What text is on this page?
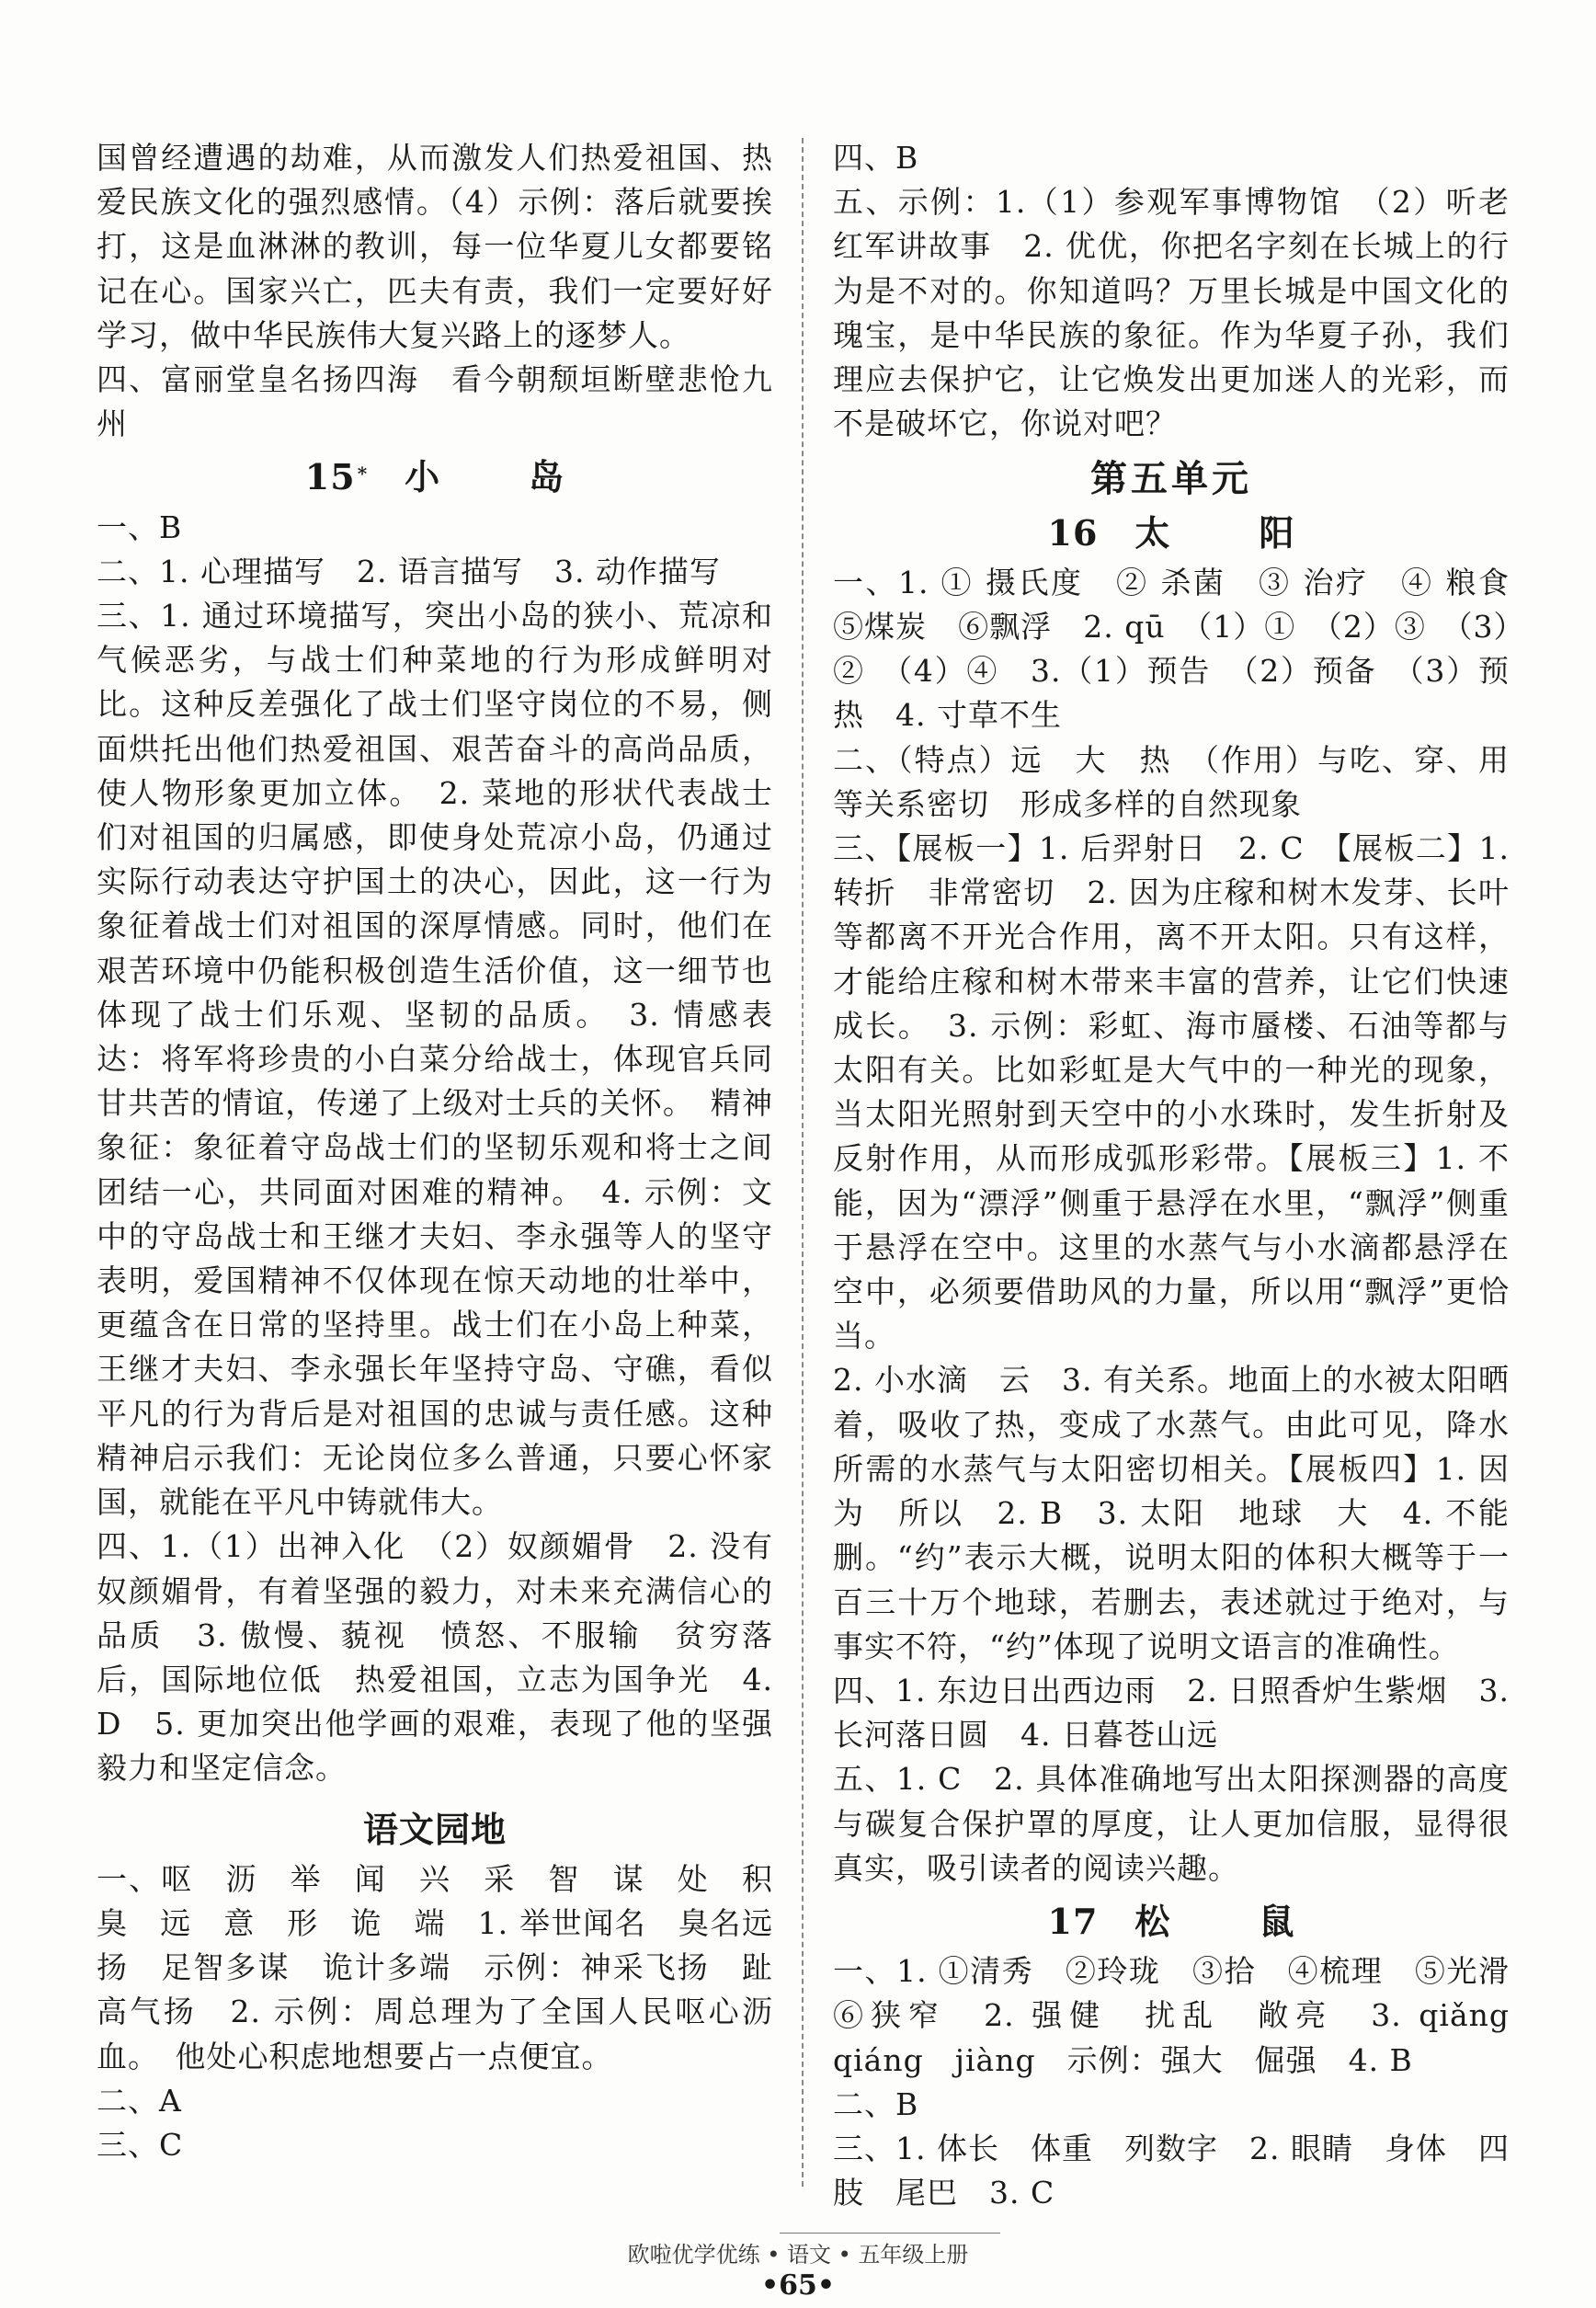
国曾经遭遇的劫难，从而激发人们热爱祖国、热爱民族文化的强烈感情。（4）示例：落后就要挨打，这是血淋淋的教训，每一位华夏儿女都要铭记在心。国家兴亡，匹夫有责，我们一定要好好学习，做中华民族伟大复兴路上的逐梦人。

四、富丽堂皇名扬四海　看今朝颓垣断壁悲怆九州

15 * 小	岛

一、B

二、1. 心理描写　2. 语言描写　3. 动作描写

三、1. 通过环境描写，突出小岛的狭小、荒凉和气候恶劣，与战士们种菜地的行为形成鲜明对比。这种反差强化了战士们坚守岗位的不易，侧面烘托出他们热爱祖国、艰苦奋斗的高尚品质，使人物形象更加立体。　2. 菜地的形状代表战士们对祖国的归属感，即使身处荒凉小岛，仍通过实际行动表达守护国土的决心，因此，这一行为象征着战士们对祖国的深厚情感。同时，他们在艰苦环境中仍能积极创造生活价值，这一细节也体现了战士们乐观、坚韧的品质。　3. 情感表达：将军将珍贵的小白菜分给战士，体现官兵同甘共苦的情谊，传递了上级对士兵的关怀。　精神象征：象征着守岛战士们的坚韧乐观和将士之间团结一心，共同面对困难的精神。　4. 示例：文中的守岛战士和王继才夫妇、李永强等人的坚守表明，爱国精神不仅体现在惊天动地的壮举中，更蕴含在日常的坚持里。战士们在小岛上种菜，王继才夫妇、李永强长年坚持守岛、守礁，看似平凡的行为背后是对祖国的忠诚与责任感。这种精神启示我们：无论岗位多么普通，只要心怀家国，就能在平凡中铸就伟大。

四、1.（1）出神入化　（2）奴颜媚骨　2. 没有奴颜媚骨，有着坚强的毅力，对未来充满信心的品质　3. 傲慢、藐视　愤怒、不服输　贫穷落后，国际地位低　热爱祖国，立志为国争光　4. D　5. 更加突出他学画的艰难，表现了他的坚强毅力和坚定信念。

语文园地

一、呕　沥　举　闻　兴　采　智　谋　处　积　臭　远　意　形　诡　端　1. 举世闻名　臭名远扬　足智多谋　诡计多端　示例：神采飞扬　趾高气扬　2. 示例：周总理为了全国人民呕心沥血。　他处心积虑地想要占一点便宜。

二、A

三、C

四、B

五、示例：1.（1）参观军事博物馆　（2）听老红军讲故事　2. 优优，你把名字刻在长城上的行为是不对的。你知道吗？万里长城是中国文化的瑰宝，是中华民族的象征。作为华夏子孙，我们理应去保护它，让它焕发出更加迷人的光彩，而不是破坏它，你说对吧？

第五单元
16 太	阳

一、1. ① 摄氏度　② 杀菌　③ 治疗　④ 粮食　⑤煤炭　⑥飘浮　2. qū　（1）①　（2）③　（3）②　（4）④　3.（1）预告　（2）预备　（3）预热　4. 寸草不生

二、（特点）远　大　热　（作用）与吃、穿、用等关系密切　形成多样的自然现象

三、【展板一】1. 后羿射日　2. C　【展板二】1. 转折　非常密切　2. 因为庄稼和树木发芽、长叶等都离不开光合作用，离不开太阳。只有这样，才能给庄稼和树木带来丰富的营养，让它们快速成长。　3. 示例：彩虹、海市蜃楼、石油等都与太阳有关。比如彩虹是大气中的一种光的现象，当太阳光照射到天空中的小水珠时，发生折射及反射作用，从而形成弧形彩带。【展板三】1. 不能，因为“漂浮”侧重于悬浮在水里，“飘浮”侧重于悬浮在空中。这里的水蒸气与小水滴都悬浮在空中，必须要借助风的力量，所以用“飘浮”更恰当。

2. 小水滴　云　3. 有关系。地面上的水被太阳晒着，吸收了热，变成了水蒸气。由此可见，降水所需的水蒸气与太阳密切相关。【展板四】1. 因为　所以　2. B　3. 太阳　地球　大　4. 不能删。“约”表示大概，说明太阳的体积大概等于一百三十万个地球，若删去，表述就过于绝对，与事实不符，“约”体现了说明文语言的准确性。

四、1. 东边日出西边雨　2. 日照香炉生紫烟　3. 长河落日圆　4. 日暮苍山远

五、1. C　2. 具体准确地写出太阳探测器的高度与碳复合保护罩的厚度，让人更加信服，显得很真实，吸引读者的阅读兴趣。

17 松	鼠

一、1. ①清秀　②玲珑　③拾　④梳理　⑤光滑　⑥狭窄　2. 强健　扰乱　敞亮　3. qiǎng　qiáng　jiàng　示例：强大　倔强　4. B

二、B

三、1. 体长　体重　列数字　2. 眼睛　身体　四肢　尾巴　3. C

欧啦优学优练 • 语文 • 五年级上册
•65•
